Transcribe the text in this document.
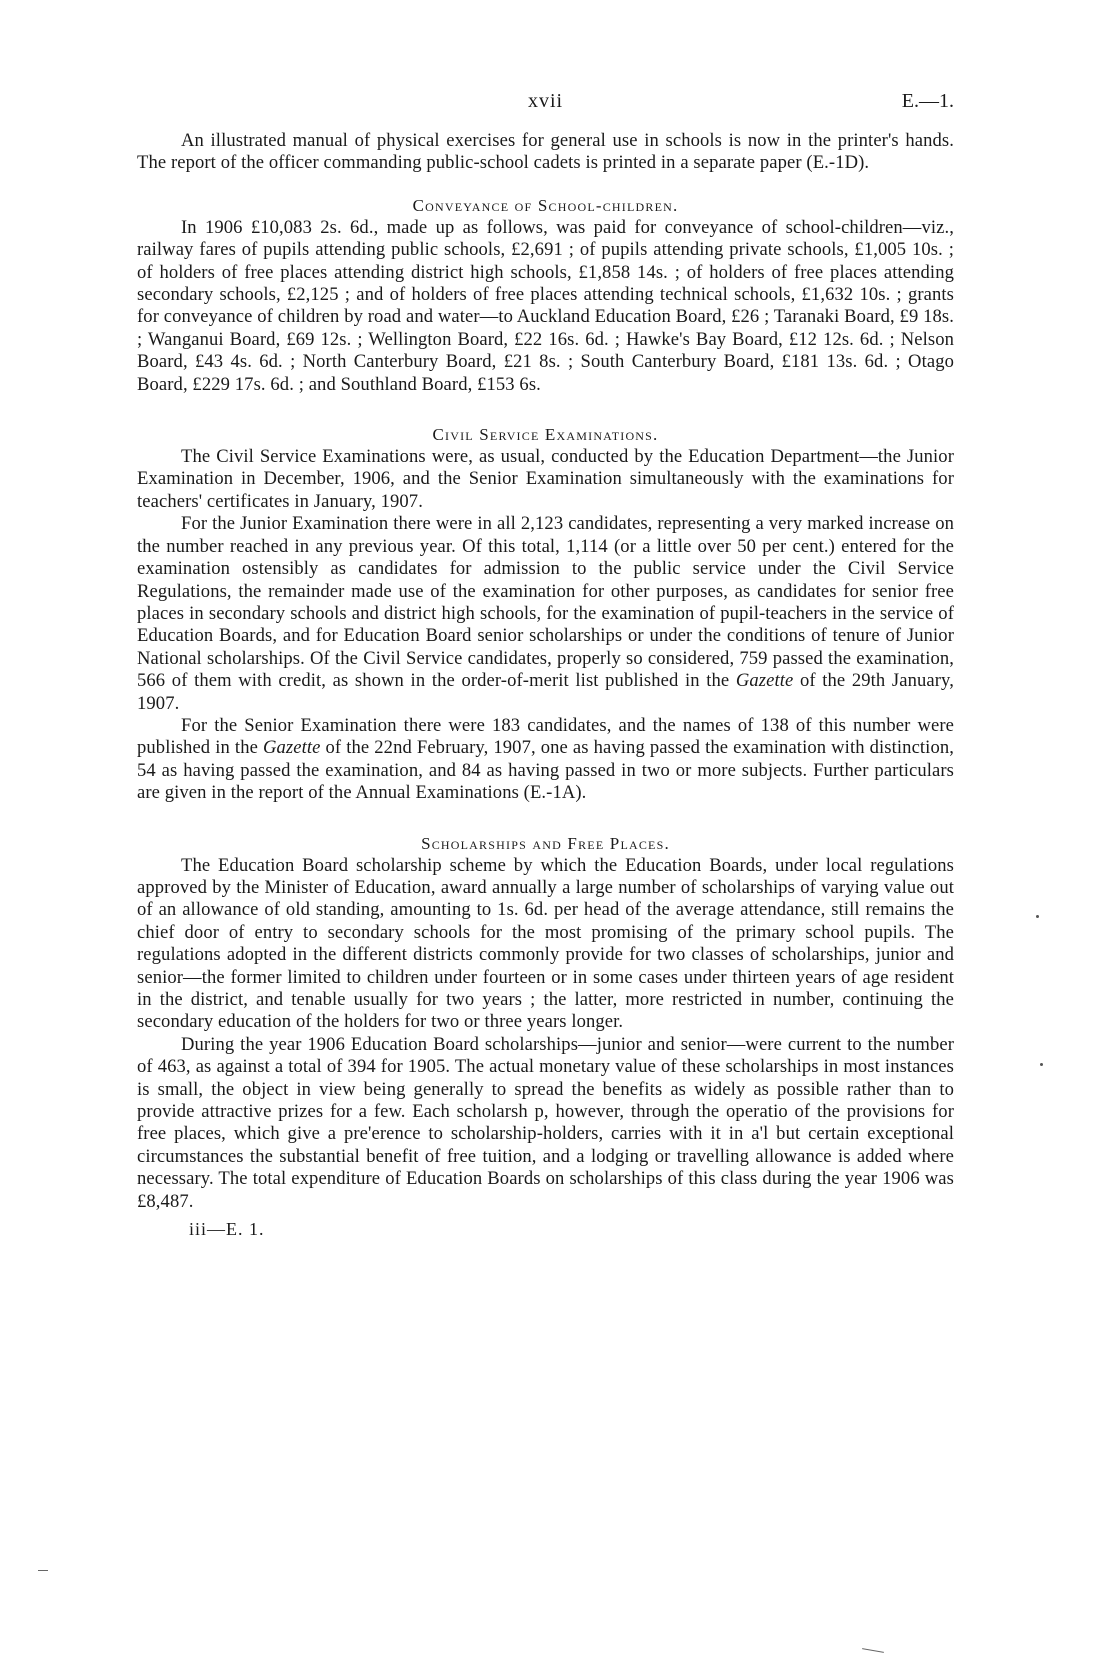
xvii	E.—1.

An illustrated manual of physical exercises for general use in schools is now in the printer's hands. The report of the officer commanding public-school cadets is printed in a separate paper (E.-1D).

Conveyance of School-children.

In 1906 £10,083 2s. 6d., made up as follows, was paid for conveyance of school-children—viz., railway fares of pupils attending public schools, £2,691 ; of pupils attending private schools, £1,005 10s. ; of holders of free places attending district high schools, £1,858 14s. ; of holders of free places attending secondary schools, £2,125 ; and of holders of free places attending technical schools, £1,632 10s. ; grants for conveyance of children by road and water—to Auckland Education Board, £26 ; Taranaki Board, £9 18s. ; Wanganui Board, £69 12s. ; Wellington Board, £22 16s. 6d. ; Hawke's Bay Board, £12 12s. 6d. ; Nelson Board, £43 4s. 6d. ; North Canterbury Board, £21 8s. ; South Canterbury Board, £181 13s. 6d. ; Otago Board, £229 17s. 6d. ; and Southland Board, £153 6s.

Civil Service Examinations.

The Civil Service Examinations were, as usual, conducted by the Education Department—the Junior Examination in December, 1906, and the Senior Examination simultaneously with the examinations for teachers' certificates in January, 1907.

For the Junior Examination there were in all 2,123 candidates, representing a very marked increase on the number reached in any previous year. Of this total, 1,114 (or a little over 50 per cent.) entered for the examination ostensibly as candidates for admission to the public service under the Civil Service Regulations, the remainder made use of the examination for other purposes, as candidates for senior free places in secondary schools and district high schools, for the examination of pupil-teachers in the service of Education Boards, and for Education Board senior scholarships or under the conditions of tenure of Junior National scholarships. Of the Civil Service candidates, properly so considered, 759 passed the examination, 566 of them with credit, as shown in the order-of-merit list published in the Gazette of the 29th January, 1907.

For the Senior Examination there were 183 candidates, and the names of 138 of this number were published in the Gazette of the 22nd February, 1907, one as having passed the examination with distinction, 54 as having passed the examination, and 84 as having passed in two or more subjects. Further particulars are given in the report of the Annual Examinations (E.-1A).

Scholarships and Free Places.

The Education Board scholarship scheme by which the Education Boards, under local regulations approved by the Minister of Education, award annually a large number of scholarships of varying value out of an allowance of old standing, amounting to 1s. 6d. per head of the average attendance, still remains the chief door of entry to secondary schools for the most promising of the primary school pupils. The regulations adopted in the different districts commonly provide for two classes of scholarships, junior and senior—the former limited to children under fourteen or in some cases under thirteen years of age resident in the district, and tenable usually for two years ; the latter, more restricted in number, continuing the secondary education of the holders for two or three years longer.

During the year 1906 Education Board scholarships—junior and senior—were current to the number of 463, as against a total of 394 for 1905. The actual monetary value of these scholarships in most instances is small, the object in view being generally to spread the benefits as widely as possible rather than to provide attractive prizes for a few. Each scholarsh p, however, through the operatio of the provisions for free places, which give a pre'erence to scholarship-holders, carries with it in a'l but certain exceptional circumstances the substantial benefit of free tuition, and a lodging or travelling allowance is added where necessary. The total expenditure of Education Boards on scholarships of this class during the year 1906 was £8,487.

iii—E. 1.
